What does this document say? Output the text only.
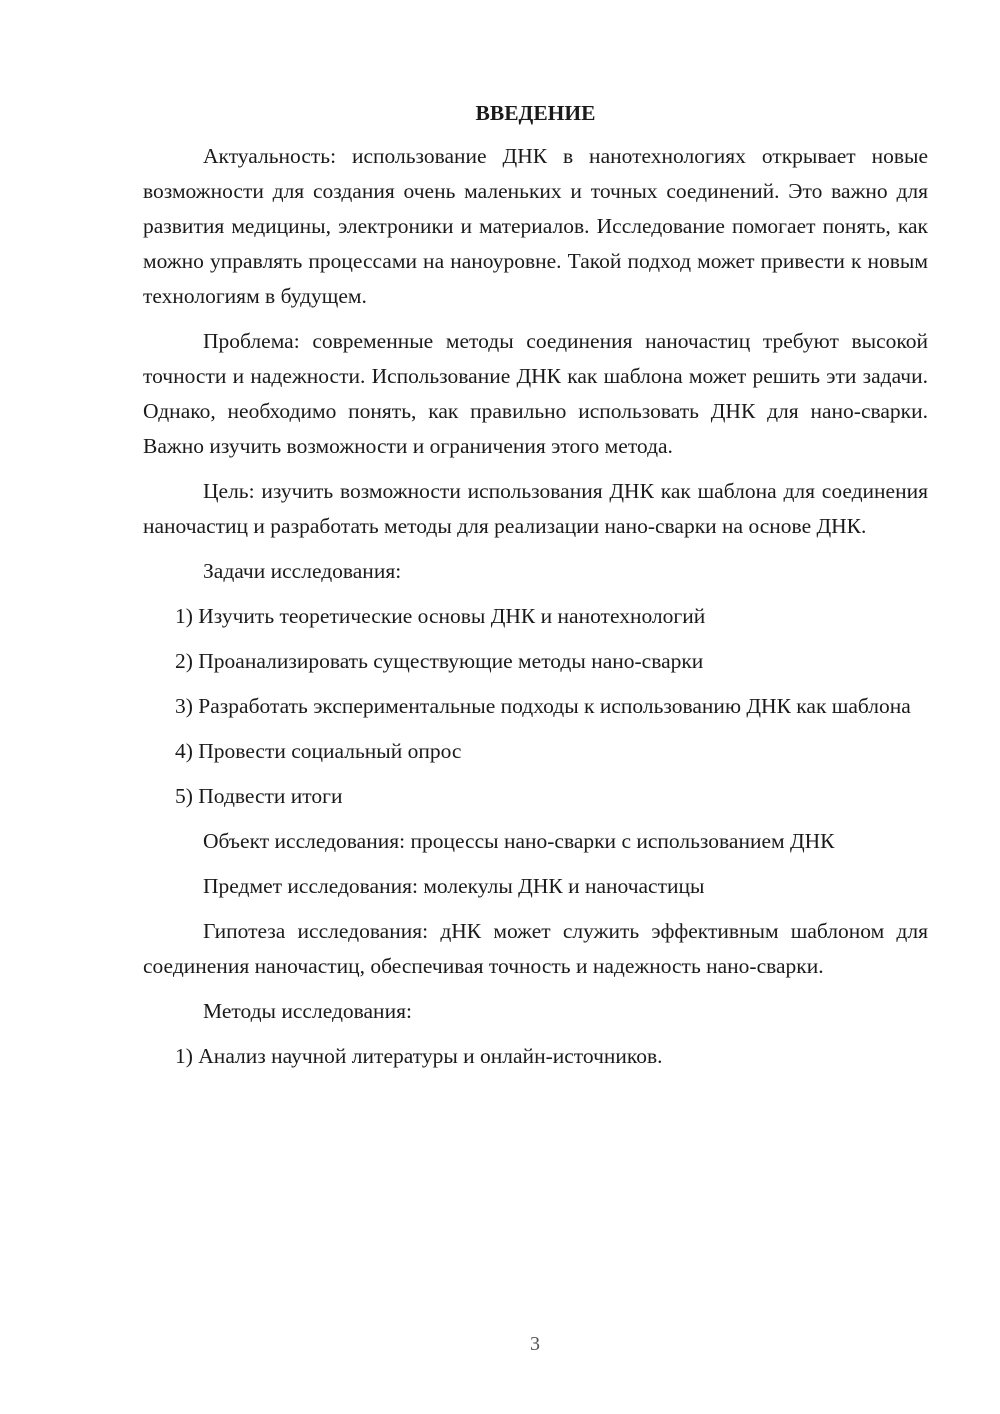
ВВЕДЕНИЕ

Актуальность: использование ДНК в нанотехнологиях открывает новые возможности для создания очень маленьких и точных соединений. Это важно для развития медицины, электроники и материалов. Исследование помогает понять, как можно управлять процессами на наноуровне. Такой подход может привести к новым технологиям в будущем.

Проблема: современные методы соединения наночастиц требуют высокой точности и надежности. Использование ДНК как шаблона может решить эти задачи. Однако, необходимо понять, как правильно использовать ДНК для нано-сварки. Важно изучить возможности и ограничения этого метода.

Цель: изучить возможности использования ДНК как шаблона для соединения наночастиц и разработать методы для реализации нано-сварки на основе ДНК.

Задачи исследования:

1) Изучить теоретические основы ДНК и нанотехнологий

2) Проанализировать существующие методы нано-сварки

3) Разработать экспериментальные подходы к использованию ДНК как шаблона

4) Провести социальный опрос

5) Подвести итоги

Объект исследования: процессы нано-сварки с использованием ДНК

Предмет исследования: молекулы ДНК и наночастицы

Гипотеза исследования: дНК может служить эффективным шаблоном для соединения наночастиц, обеспечивая точность и надежность нано-сварки.

Методы исследования:

1) Анализ научной литературы и онлайн-источников.

3
